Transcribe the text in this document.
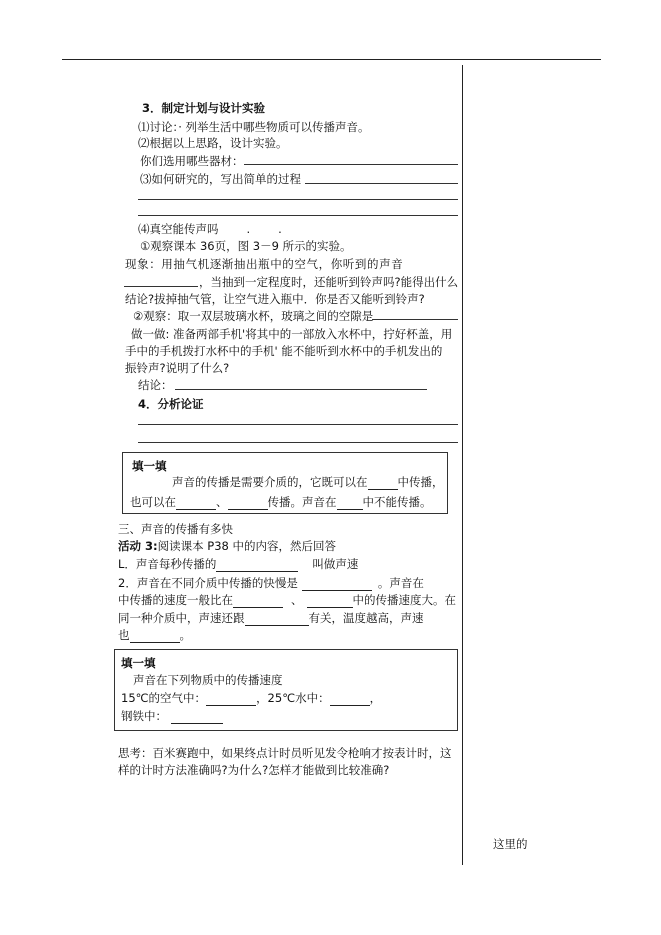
3．制定计划与设计实验
⑴讨论：· 列举生活中哪些物质可以传播声音。
⑵根据以上思路，设计实验。
你们选用哪些器材：
⑶如何研究的，写出简单的过程
⑷真空能传声吗 . .
①观察课本 36页，图 3－9 所示的实验。
现象：用抽气机逐渐抽出瓶中的空气，你听到的声音
，当抽到一定程度时，还能听到铃声吗?能得出什么
结论?拔掉抽气管，让空气进入瓶中．你是否又能听到铃声?
②观察：取一双层玻璃水杯，玻璃之间的空隙是
做一做: 准备两部手机'将其中的一部放入水杯中，拧好杯盖，用
手中的手机拨打水杯中的手机' 能不能听到水杯中的手机发出的
振铃声?说明了什么?
结论：
4．分析论证
填一填
声音的传播是需要介质的，它既可以在	中传播，
也可以在	、	传播。声音在 中不能传播。
三、声音的传播有多快
活动 3:阅读课本 P38 中的内容，然后回答
L．声音每秒传播的	叫做声速
2．声音在不同介质中传播的快慢是	。声音在
中传播的速度一般比在	、	中的传播速度大。在
同一种介质中，声速还跟	有关，温度越高，声速
也	。
填一填
声音在下列物质中的传播速度
15℃的空气中：	，25℃水中：	，
钢铁中：
思考：百米赛跑中，如果终点计时员听见发令枪响才按表计时，这
样的计时方法准确吗?为什么?怎样才能做到比较准确?
这里的
